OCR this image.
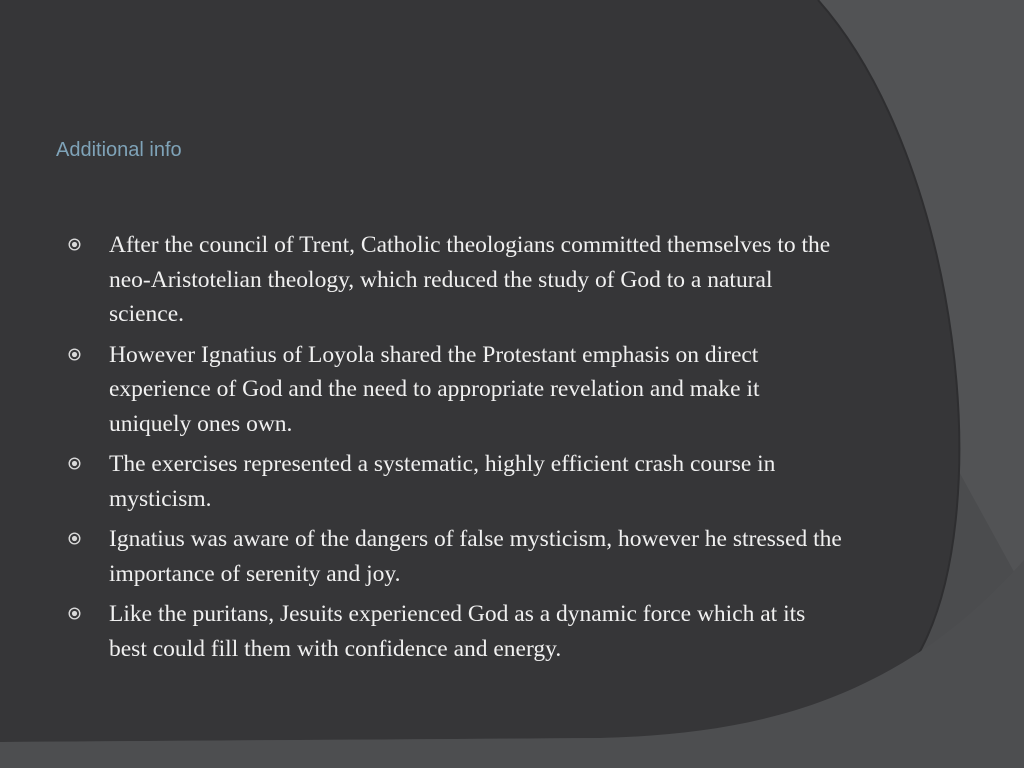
Additional info
After the council of Trent, Catholic theologians committed themselves to the neo-Aristotelian theology, which reduced the study of God to a natural science.
However Ignatius of Loyola shared the Protestant emphasis on direct experience of God and the need to appropriate revelation and make it uniquely ones own.
The exercises represented a systematic, highly efficient crash course in mysticism.
Ignatius was aware of the dangers of false mysticism, however he stressed the importance of serenity and joy.
Like the puritans, Jesuits experienced God as a dynamic force which at its best could fill them with confidence and energy.
